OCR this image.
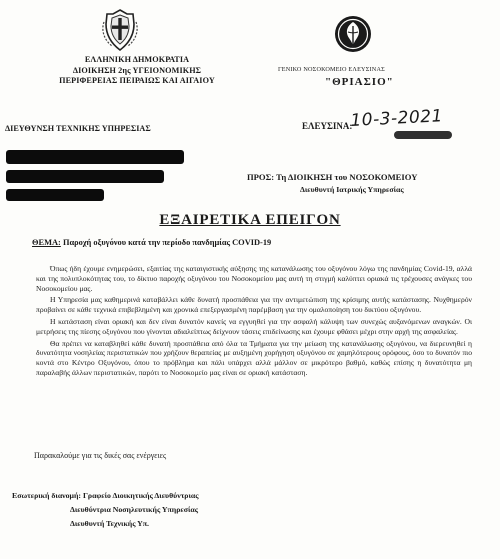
ΕΛΛΗΝΙΚΗ ΔΗΜΟΚΡΑΤΙΑ
ΔΙΟΙΚΗΣΗ 2ης ΥΓΕΙΟΝΟΜΙΚΗΣ
ΠΕΡΙΦΕΡΕΙΑΣ ΠΕΙΡΑΙΩΣ ΚΑΙ ΑΙΓΑΙΟΥ
ΓΕΝΙΚΟ ΝΟΣΟΚΟΜΕΙΟ ΕΛΕΥΣΙΝΑΣ
"ΘΡΙΑΣΙΟ"
ΔΙΕΥΘΥΝΣΗ ΤΕΧΝΙΚΗΣ ΥΠΗΡΕΣΙΑΣ	ΕΛΕΥΣΙΝΑ:
10-3-2021
ΠΡΟΣ: Τη ΔΙΟΙΚΗΣΗ του ΝΟΣΟΚΟΜΕΙΟΥ
Διευθυντή Ιατρικής Υπηρεσίας
ΕΞΑΙΡΕΤΙΚΑ ΕΠΕΙΓΟΝ
ΘΕΜΑ: Παροχή οξυγόνου κατά την περίοδο πανδημίας COVID-19

Όπως ήδη έχουμε ενημερώσει, εξαιτίας της καταιγιστικής αύξησης της κατανάλωσης του οξυγόνου λόγω της πανδημίας Covid-19, αλλά και της πολυπλοκότητας του, το δίκτυο παροχής οξυγόνου του Νοσοκομείου μας αυτή τη στιγμή καλύπτει οριακά τις τρέχουσες ανάγκες του Νοσοκομείου μας.

Η Υπηρεσία μας καθημερινά καταβάλλει κάθε δυνατή προσπάθεια για την αντιμετώπιση της κρίσιμης αυτής κατάστασης. Νυχθημερόν προβαίνει σε κάθε τεχνικά επιβεβλημένη και χρονικά επεξεργασμένη παρέμβαση για την ομαλοποίηση του δικτύου οξυγόνου.

Η κατάσταση είναι οριακή και δεν είναι δυνατόν κανείς να εγγυηθεί για την ασφαλή κάλυψη των συνεχώς αυξανόμενων αναγκών. Οι μετρήσεις της πίεσης οξυγόνου που γίνονται αδιαλείπτως δείχνουν τάσεις επιδείνωσης και έχουμε φθάσει μέχρι στην αρχή της ασφαλείας.

Θα πρέπει να καταβληθεί κάθε δυνατή προσπάθεια από όλα τα Τμήματα για την μείωση της κατανάλωσης οξυγόνου, να διερευνηθεί η δυνατότητα νοσηλείας περιστατικών που χρήζουν θεραπείας με αυξημένη χορήγηση οξυγόνου σε χαμηλότερους ορόφους, όσο το δυνατόν πιο κοντά στο Κέντρο Οξυγόνου, όπου το πρόβλημα και πάλι υπάρχει αλλά μάλλον σε μικρότερο βαθμό, καθώς επίσης η δυνατότητα μη παραλαβής άλλων περιστατικών, παρότι το Νοσοκομείο μας είναι σε οριακή κατάσταση.

Παρακαλούμε για τις δικές σας ενέργειες
Εσωτερική διανομή: Γραφείο Διοικητικής Διευθύντριας
Διευθύντρια Νοσηλευτικής Υπηρεσίας
Διευθυντή Τεχνικής Υπ.
